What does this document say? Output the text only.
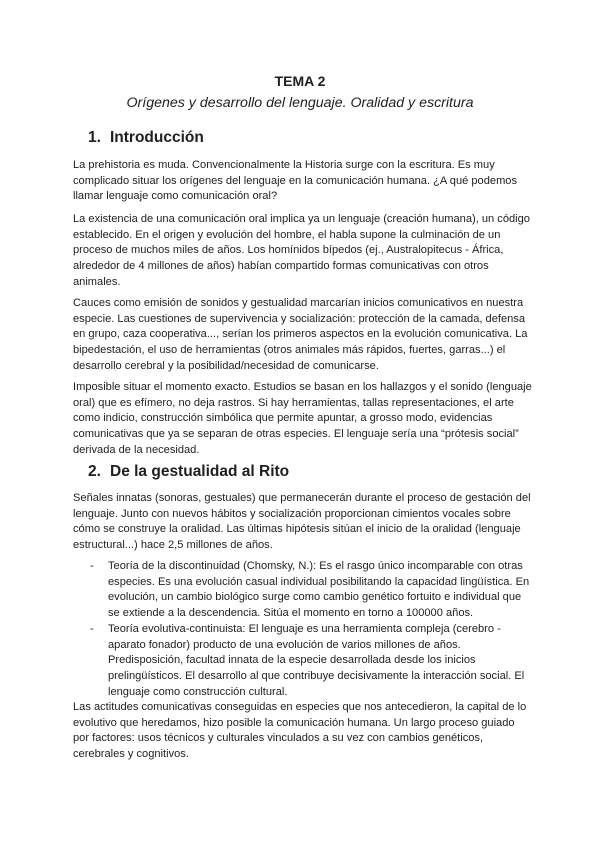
TEMA 2
Orígenes y desarrollo del lenguaje. Oralidad y escritura
1. Introducción

La prehistoria es muda. Convencionalmente la Historia surge con la escritura. Es muy complicado situar los orígenes del lenguaje en la comunicación humana. ¿A qué podemos llamar lenguaje como comunicación oral?

La existencia de una comunicación oral implica ya un lenguaje (creación humana), un código establecido. En el origen y evolución del hombre, el habla supone la culminación de un proceso de muchos miles de años. Los homínidos bípedos (ej., Australopitecus - África, alrededor de 4 millones de años) habían compartido formas comunicativas con otros animales.

Cauces como emisión de sonidos y gestualidad marcarían inicios comunicativos en nuestra especie. Las cuestiones de supervivencia y socialización: protección de la camada, defensa en grupo, caza cooperativa..., serían los primeros aspectos en la evolución comunicativa. La bipedestación, el uso de herramientas (otros animales más rápidos, fuertes, garras...) el desarrollo cerebral y la posibilidad/necesidad de comunicarse.

Imposible situar el momento exacto. Estudios se basan en los hallazgos y el sonido (lenguaje oral) que es efímero, no deja rastros. Si hay herramientas, tallas representaciones, el arte como indicio, construcción simbólica que permite apuntar, a grosso modo, evidencias comunicativas que ya se separan de otras especies. El lenguaje sería una “prótesis social” derivada de la necesidad.

2. De la gestualidad al Rito

Señales innatas (sonoras, gestuales) que permanecerán durante el proceso de gestación del lenguaje. Junto con nuevos hábitos y socialización proporcionan cimientos vocales sobre cómo se construye la oralidad. Las últimas hipótesis sitúan el inicio de la oralidad (lenguaje estructural...) hace 2,5 millones de años.

- Teoría de la discontinuidad (Chomsky, N.): Es el rasgo único incomparable con otras especies. Es una evolución casual individual posibilitando la capacidad lingüística. En evolución, un cambio biológico surge como cambio genético fortuito e individual que se extiende a la descendencia. Sitúa el momento en torno a 100000 años.
- Teoría evolutiva-continuista: El lenguaje es una herramienta compleja (cerebro - aparato fonador) producto de una evolución de varios millones de años. Predisposición, facultad innata de la especie desarrollada desde los inicios prelingüísticos. El desarrollo al que contribuye decisivamente la interacción social. El lenguaje como construcción cultural.

Las actitudes comunicativas conseguidas en especies que nos antecedieron, la capital de lo evolutivo que heredamos, hizo posible la comunicación humana. Un largo proceso guiado por factores: usos técnicos y culturales vinculados a su vez con cambios genéticos, cerebrales y cognitivos.
